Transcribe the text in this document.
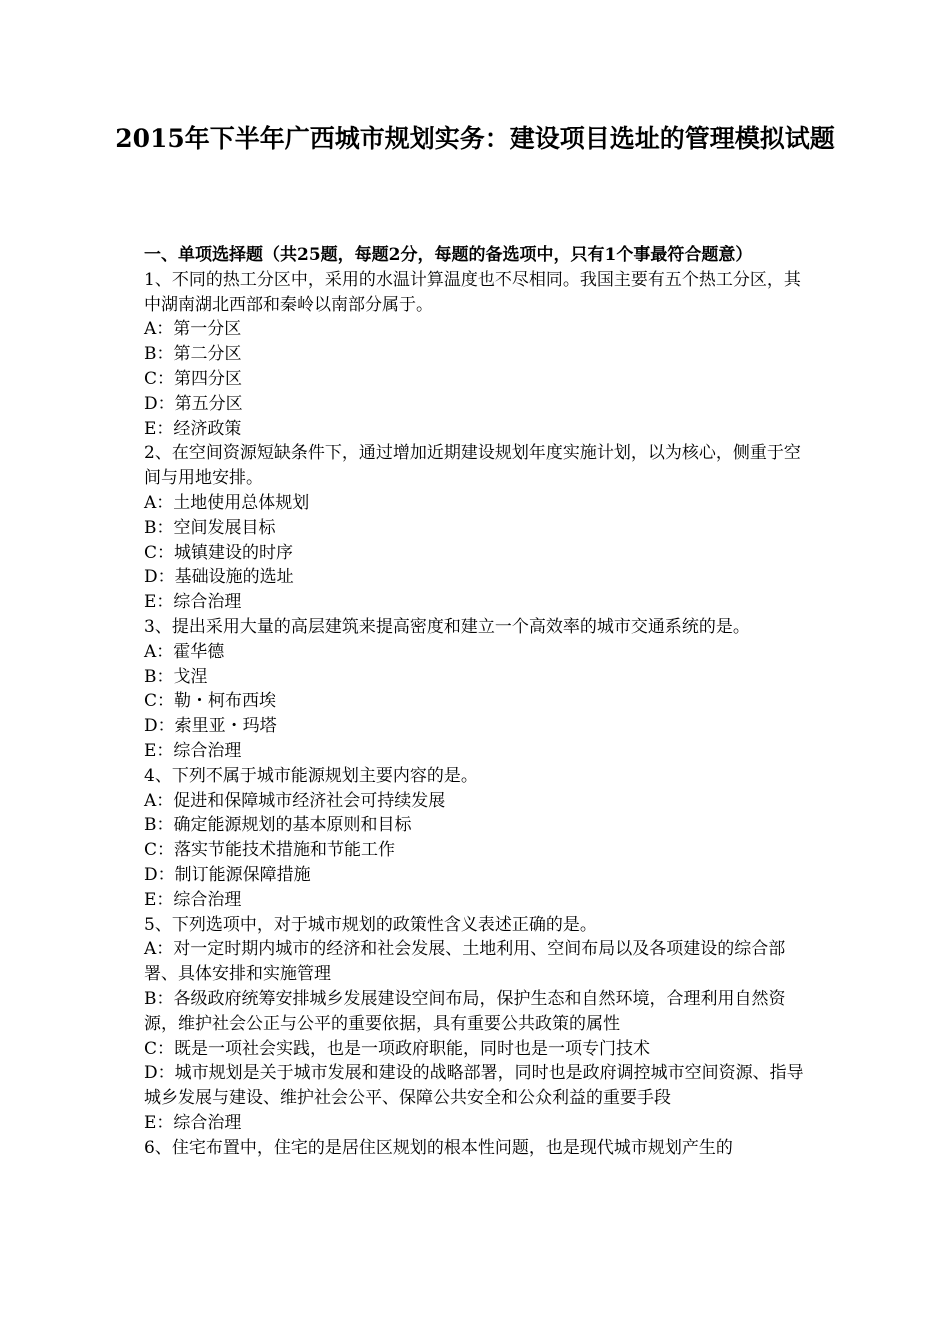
2015年下半年广西城市规划实务：建设项目选址的管理模拟试题

一、单项选择题（共25题，每题2分，每题的备选项中，只有1个事最符合题意）

1、不同的热工分区中，采用的水温计算温度也不尽相同。我国主要有五个热工分区，其中湖南湖北西部和秦岭以南部分属于。

A：第一分区

B：第二分区

C：第四分区

D：第五分区

E：经济政策

2、在空间资源短缺条件下，通过增加近期建设规划年度实施计划，以为核心，侧重于空间与用地安排。

A：土地使用总体规划

B：空间发展目标

C：城镇建设的时序

D：基础设施的选址

E：综合治理

3、提出采用大量的高层建筑来提高密度和建立一个高效率的城市交通系统的是。

A：霍华德

B：戈涅

C：勒・柯布西埃

D：索里亚・玛塔

E：综合治理

4、下列不属于城市能源规划主要内容的是。

A：促进和保障城市经济社会可持续发展

B：确定能源规划的基本原则和目标

C：落实节能技术措施和节能工作

D：制订能源保障措施

E：综合治理

5、下列选项中，对于城市规划的政策性含义表述正确的是。

A：对一定时期内城市的经济和社会发展、土地利用、空间布局以及各项建设的综合部署、具体安排和实施管理

B：各级政府统筹安排城乡发展建设空间布局，保护生态和自然环境，合理利用自然资源，维护社会公正与公平的重要依据，具有重要公共政策的属性

C：既是一项社会实践，也是一项政府职能，同时也是一项专门技术

D：城市规划是关于城市发展和建设的战略部署，同时也是政府调控城市空间资源、指导城乡发展与建设、维护社会公平、保障公共安全和公众利益的重要手段

E：综合治理

6、住宅布置中，住宅的是居住区规划的根本性问题，也是现代城市规划产生的
